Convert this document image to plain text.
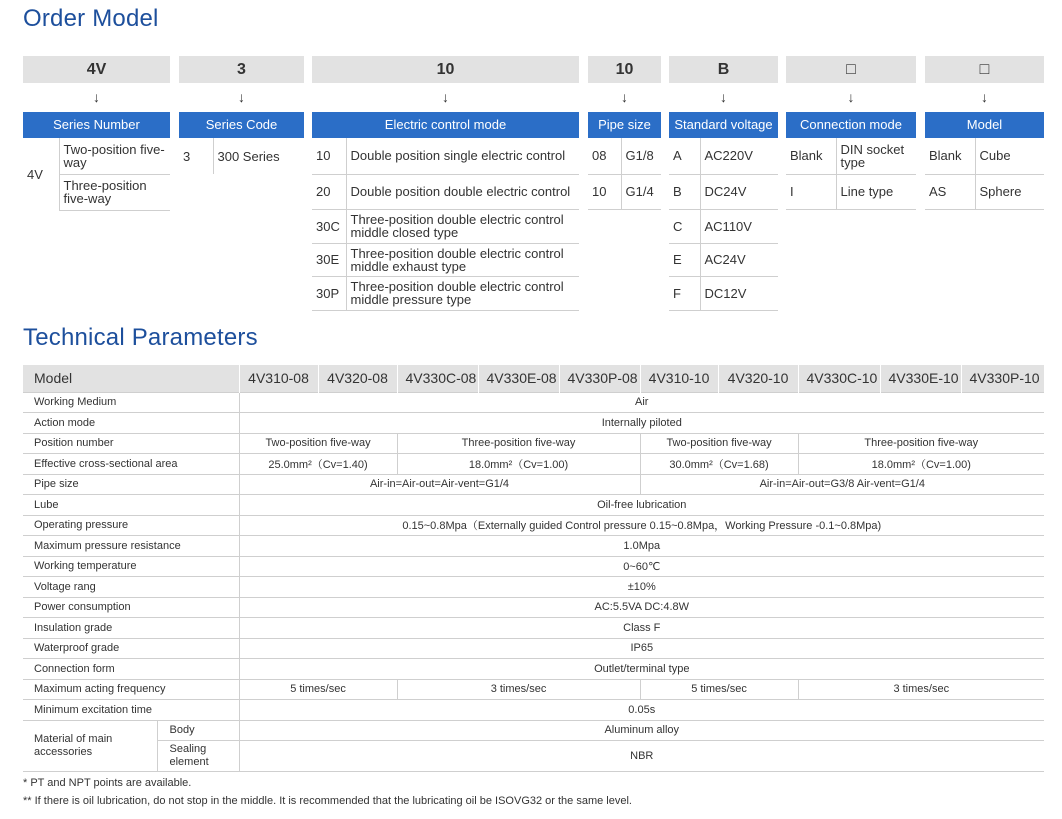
Order Model
4V
↓
Series Number
4V	Two-position five-way
Three-position five-way
3
↓
Series Code
3	300 Series
10
↓
Electric control mode
10	Double position single electric control
20	Double position double electric control
30C	Three-position double electric control middle closed type
30E	Three-position double electric control middle exhaust type
30P	Three-position double electric control middle pressure type
10
↓
Pipe size
08	G1/8
10	G1/4
B
↓
Standard voltage
A	AC220V
B	DC24V
C	AC110V
E	AC24V
F	DC12V
□
↓
Connection mode
Blank	DIN socket type
I	Line type
□
↓
Model
Blank	Cube
AS	Sphere
Technical Parameters
Model		4V310-08	4V320-08	4V330C-08	4V330E-08	4V330P-08	4V310-10	4V320-10	4V330C-10	4V330E-10	4V330P-10
Working Medium		Air									
Action mode		Internally piloted									
Position number		Two-position five-way		Three-position five-way			Two-position five-way		Three-position five-way		
Effective cross-sectional area		25.0mm²（Cv=1.40)		18.0mm²（Cv=1.00)			30.0mm²（Cv=1.68)		18.0mm²（Cv=1.00)		
Pipe size		Air-in=Air-out=Air-vent=G1/4					Air-in=Air-out=G3/8 Air-vent=G1/4				
Lube		Oil-free lubrication									
Operating pressure		0.15~0.8Mpa（Externally guided Control pressure 0.15~0.8Mpa，Working Pressure -0.1~0.8Mpa)									
Maximum pressure resistance		1.0Mpa									
Working temperature		0~60℃									
Voltage rang		±10%									
Power consumption		AC:5.5VA DC:4.8W									
Insulation grade		Class F									
Waterproof grade		IP65									
Connection form		Outlet/terminal type									
Maximum acting frequency		5 times/sec		3 times/sec			5 times/sec		3 times/sec		
Minimum excitation time		0.05s									
Material of main accessories	Body	Aluminum alloy									
	Sealing element	NBR									
* PT and NPT points are available.
** If there is oil lubrication, do not stop in the middle. It is recommended that the lubricating oil be ISOVG32 or the same level.
